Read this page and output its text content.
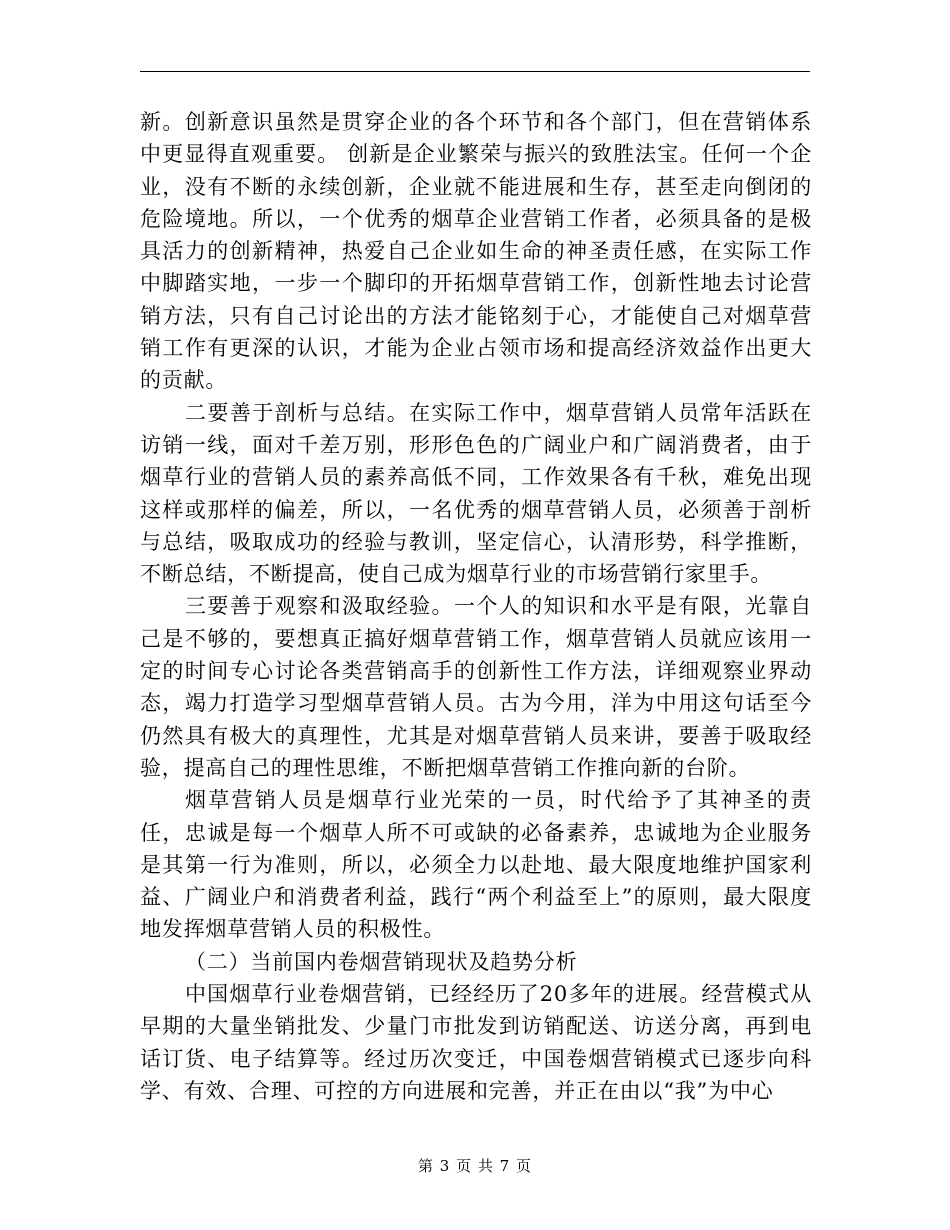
新。创新意识虽然是贯穿企业的各个环节和各个部门，但在营销体系中更显得直观重要。 创新是企业繁荣与振兴的致胜法宝。任何一个企业，没有不断的永续创新，企业就不能进展和生存，甚至走向倒闭的危险境地。所以，一个优秀的烟草企业营销工作者，必须具备的是极具活力的创新精神，热爱自己企业如生命的神圣责任感，在实际工作中脚踏实地，一步一个脚印的开拓烟草营销工作，创新性地去讨论营销方法，只有自己讨论出的方法才能铭刻于心，才能使自己对烟草营销工作有更深的认识，才能为企业占领市场和提高经济效益作出更大的贡献。

二要善于剖析与总结。在实际工作中，烟草营销人员常年活跃在访销一线，面对千差万别，形形色色的广阔业户和广阔消费者，由于烟草行业的营销人员的素养高低不同，工作效果各有千秋，难免出现这样或那样的偏差，所以，一名优秀的烟草营销人员，必须善于剖析与总结，吸取成功的经验与教训，坚定信心，认清形势，科学推断，不断总结，不断提高，使自己成为烟草行业的市场营销行家里手。

三要善于观察和汲取经验。一个人的知识和水平是有限，光靠自己是不够的，要想真正搞好烟草营销工作，烟草营销人员就应该用一定的时间专心讨论各类营销高手的创新性工作方法，详细观察业界动态，竭力打造学习型烟草营销人员。古为今用，洋为中用这句话至今仍然具有极大的真理性，尤其是对烟草营销人员来讲，要善于吸取经验，提高自己的理性思维，不断把烟草营销工作推向新的台阶。

烟草营销人员是烟草行业光荣的一员，时代给予了其神圣的责任，忠诚是每一个烟草人所不可或缺的必备素养，忠诚地为企业服务是其第一行为准则，所以，必须全力以赴地、最大限度地维护国家利益、广阔业户和消费者利益，践行“两个利益至上”的原则，最大限度地发挥烟草营销人员的积极性。

（二）当前国内卷烟营销现状及趋势分析

中国烟草行业卷烟营销，已经经历了20多年的进展。经营模式从早期的大量坐销批发、少量门市批发到访销配送、访送分离，再到电话订货、电子结算等。经过历次变迁，中国卷烟营销模式已逐步向科学、有效、合理、可控的方向进展和完善，并正在由以“我”为中心

第 3 页 共 7 页
